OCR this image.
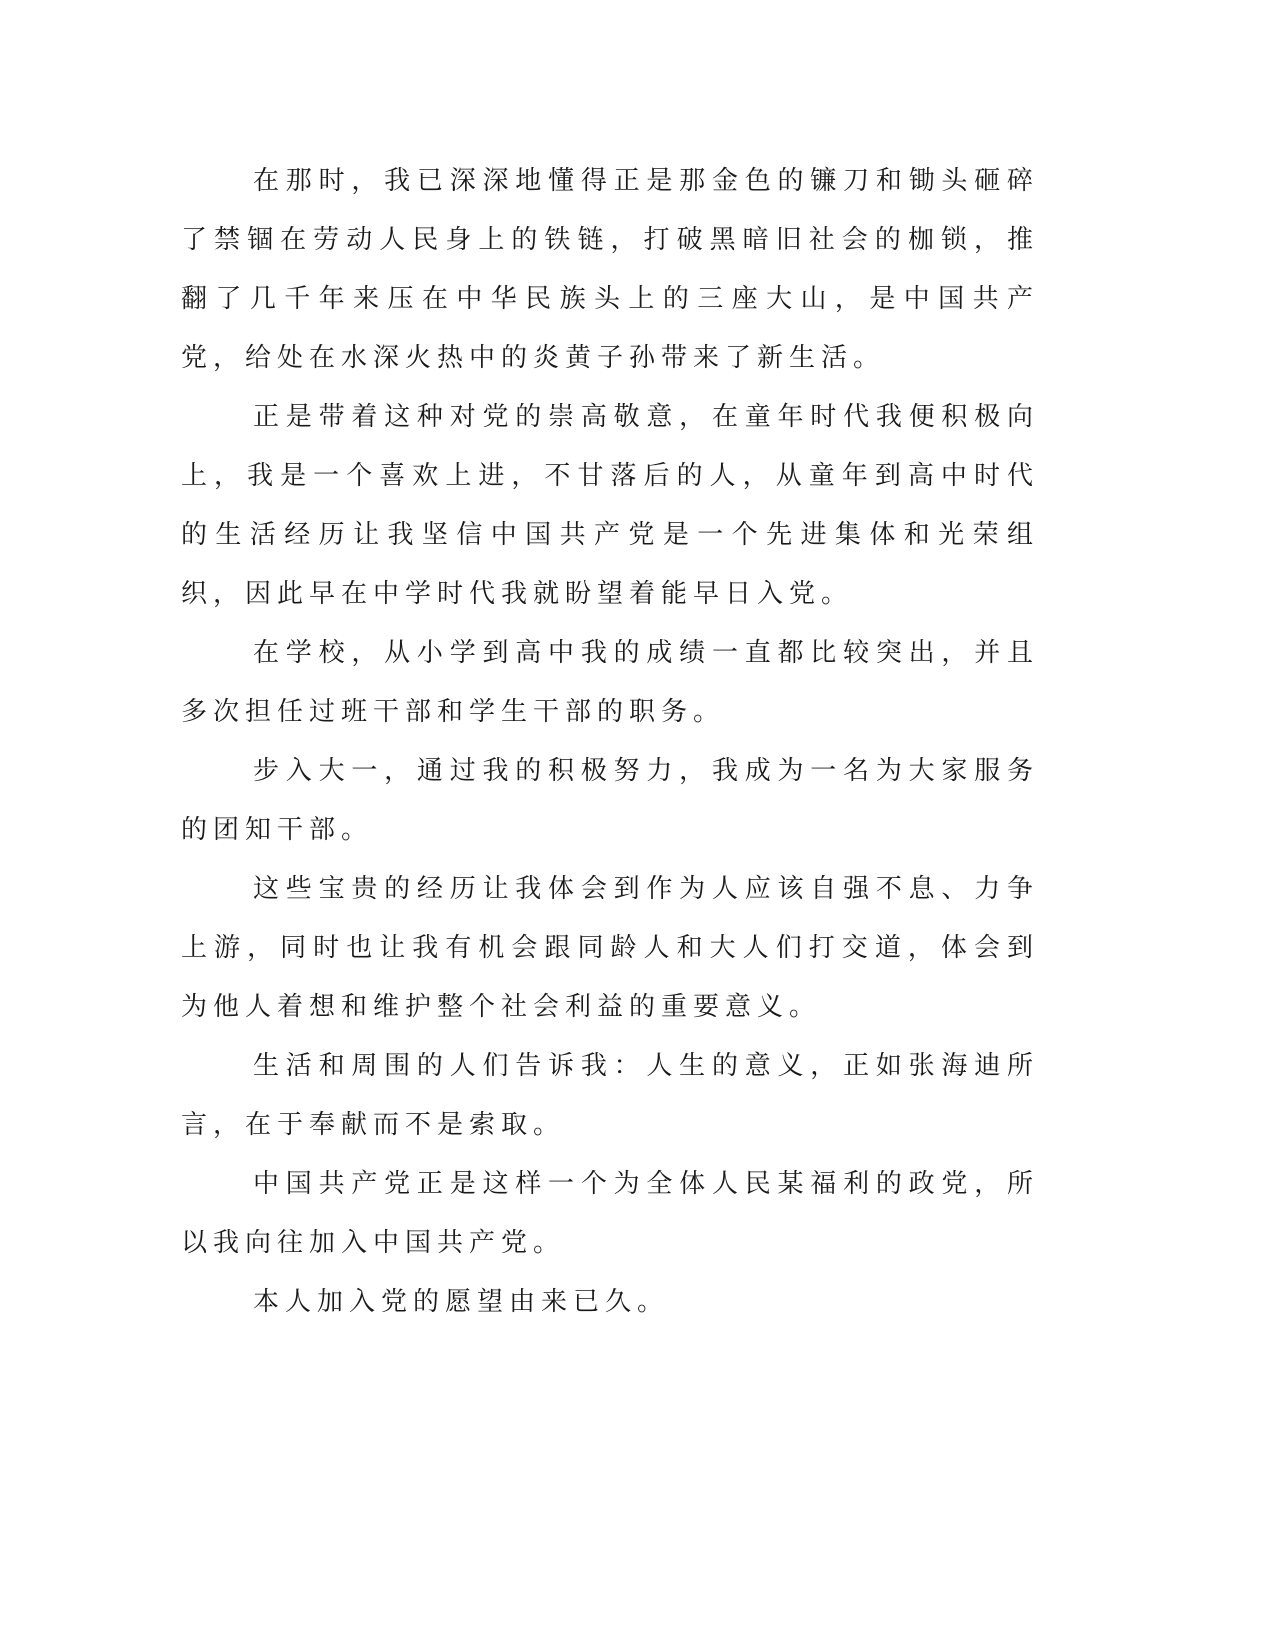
在那时，我已深深地懂得正是那金色的镰刀和锄头砸碎了禁锢在劳动人民身上的铁链，打破黑暗旧社会的枷锁，推翻了几千年来压在中华民族头上的三座大山，是中国共产党，给处在水深火热中的炎黄子孙带来了新生活。

正是带着这种对党的崇高敬意，在童年时代我便积极向上，我是一个喜欢上进，不甘落后的人，从童年到高中时代的生活经历让我坚信中国共产党是一个先进集体和光荣组织，因此早在中学时代我就盼望着能早日入党。

在学校，从小学到高中我的成绩一直都比较突出，并且多次担任过班干部和学生干部的职务。

步入大一，通过我的积极努力，我成为一名为大家服务的团知干部。

这些宝贵的经历让我体会到作为人应该自强不息、力争上游，同时也让我有机会跟同龄人和大人们打交道，体会到为他人着想和维护整个社会利益的重要意义。

生活和周围的人们告诉我：人生的意义，正如张海迪所言，在于奉献而不是索取。

中国共产党正是这样一个为全体人民某福利的政党，所以我向往加入中国共产党。

本人加入党的愿望由来已久。
